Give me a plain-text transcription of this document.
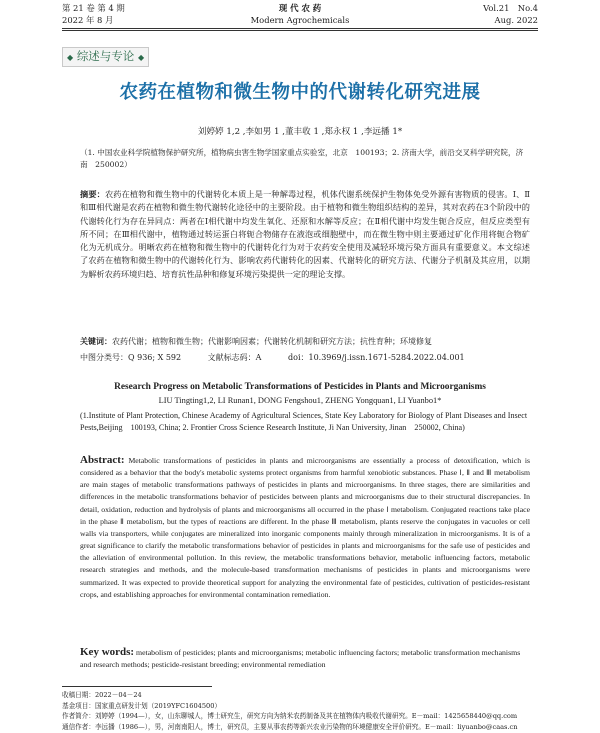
第 21 卷 第 4 期	现 代 农 药	Vol.21　No.4
2022 年 8 月	Modern Agrochemicals	Aug. 2022
◆ 综述与专论 ◆
农药在植物和微生物中的代谢转化研究进展
刘婷婷 1,2 ,李如男 1 ,董丰收 1 ,郑永权 1 ,李远播 1*
（1. 中国农业科学院植物保护研究所，植物病虫害生物学国家重点实验室，北京　100193；2. 济南大学，前沿交叉科学研究院，济南　250002）
摘要：农药在植物和微生物中的代谢转化本质上是一种解毒过程，机体代谢系统保护生物体免受外源有害物质的侵害。Ⅰ、Ⅱ和Ⅲ相代谢是农药在植物和微生物代谢转化途径中的主要阶段。由于植物和微生物组织结构的差异，其对农药在3个阶段中的代谢转化行为存在异同点：两者在Ⅰ相代谢中均发生氧化、还原和水解等反应；在Ⅱ相代谢中均发生轭合反应，但反应类型有所不同；在Ⅲ相代谢中，植物通过转运蛋白将轭合物储存在液泡或细胞壁中，而在微生物中则主要通过矿化作用将轭合物矿化为无机成分。明晰农药在植物和微生物中的代谢转化行为对于农药安全使用及减轻环境污染方面具有重要意义。本文综述了农药在植物和微生物中的代谢转化行为、影响农药代谢转化的因素、代谢转化的研究方法、代谢分子机制及其应用，以期为解析农药环境归趋、培育抗性品种和修复环境污染提供一定的理论支撑。
关键词：农药代谢；植物和微生物；代谢影响因素；代谢转化机制和研究方法；抗性育种；环境修复
中图分类号：Q 936; X 592	文献标志码：A	doi：10.3969/j.issn.1671-5284.2022.04.001
Research Progress on Metabolic Transformations of Pesticides in Plants and Microorganisms
LIU Tingting1,2, LI Runan1, DONG Fengshou1, ZHENG Yongquan1, LI Yuanbo1*
(1.Institute of Plant Protection, Chinese Academy of Agricultural Sciences, State Key Laboratory for Biology of Plant Diseases and Insect Pests,Beijing　100193, China; 2. Frontier Cross Science Research Institute, Ji Nan University, Jinan　250002, China)
Abstract: Metabolic transformations of pesticides in plants and microorganisms are essentially a process of detoxification, which is considered as a behavior that the body's metabolic systems protect organisms from harmful xenobiotic substances. Phase Ⅰ, Ⅱ and Ⅲ metabolism are main stages of metabolic transformations pathways of pesticides in plants and microorganisms. In three stages, there are similarities and differences in the metabolic transformations behavior of pesticides between plants and microorganisms due to their structural discrepancies. In detail, oxidation, reduction and hydrolysis of plants and microorganisms all occurred in the phase Ⅰ metabolism. Conjugated reactions take place in the phase Ⅱ metabolism, but the types of reactions are different. In the phase Ⅲ metabolism, plants reserve the conjugates in vacuoles or cell walls via transporters, while conjugates are mineralized into inorganic components mainly through mineralization in microorganisms. It is of a great significance to clarify the metabolic transformations behavior of pesticides in plants and microorganisms for the safe use of pesticides and the alleviation of environmental pollution. In this review, the metabolic transformations behavior, metabolic influencing factors, metabolic research strategies and methods, and the molecule-based transformation mechanisms of pesticides in plants and microorganisms were summarized. It was expected to provide theoretical support for analyzing the environmental fate of pesticides, cultivation of pesticides-resistant crops, and establishing approaches for environmental contamination remediation.
Key words: metabolism of pesticides; plants and microorganisms; metabolic influencing factors; metabolic transformation mechanisms and research methods; pesticide-resistant breeding; environmental remediation
收稿日期：2022－04－24
基金项目：国家重点研发计划（2019YFC1604500）
作者简介：刘婷婷（1994—），女，山东聊城人，博士研究生，研究方向为纳米农药制备及其在植物体内吸收代谢研究。E－mail：1425658440@qq.com
通信作者：李远播（1986—），男，河南南阳人，博士，研究员，主要从事农药等新兴农业污染物的环境健康安全评价研究。E－mail：liyuanbo@caas.cn
